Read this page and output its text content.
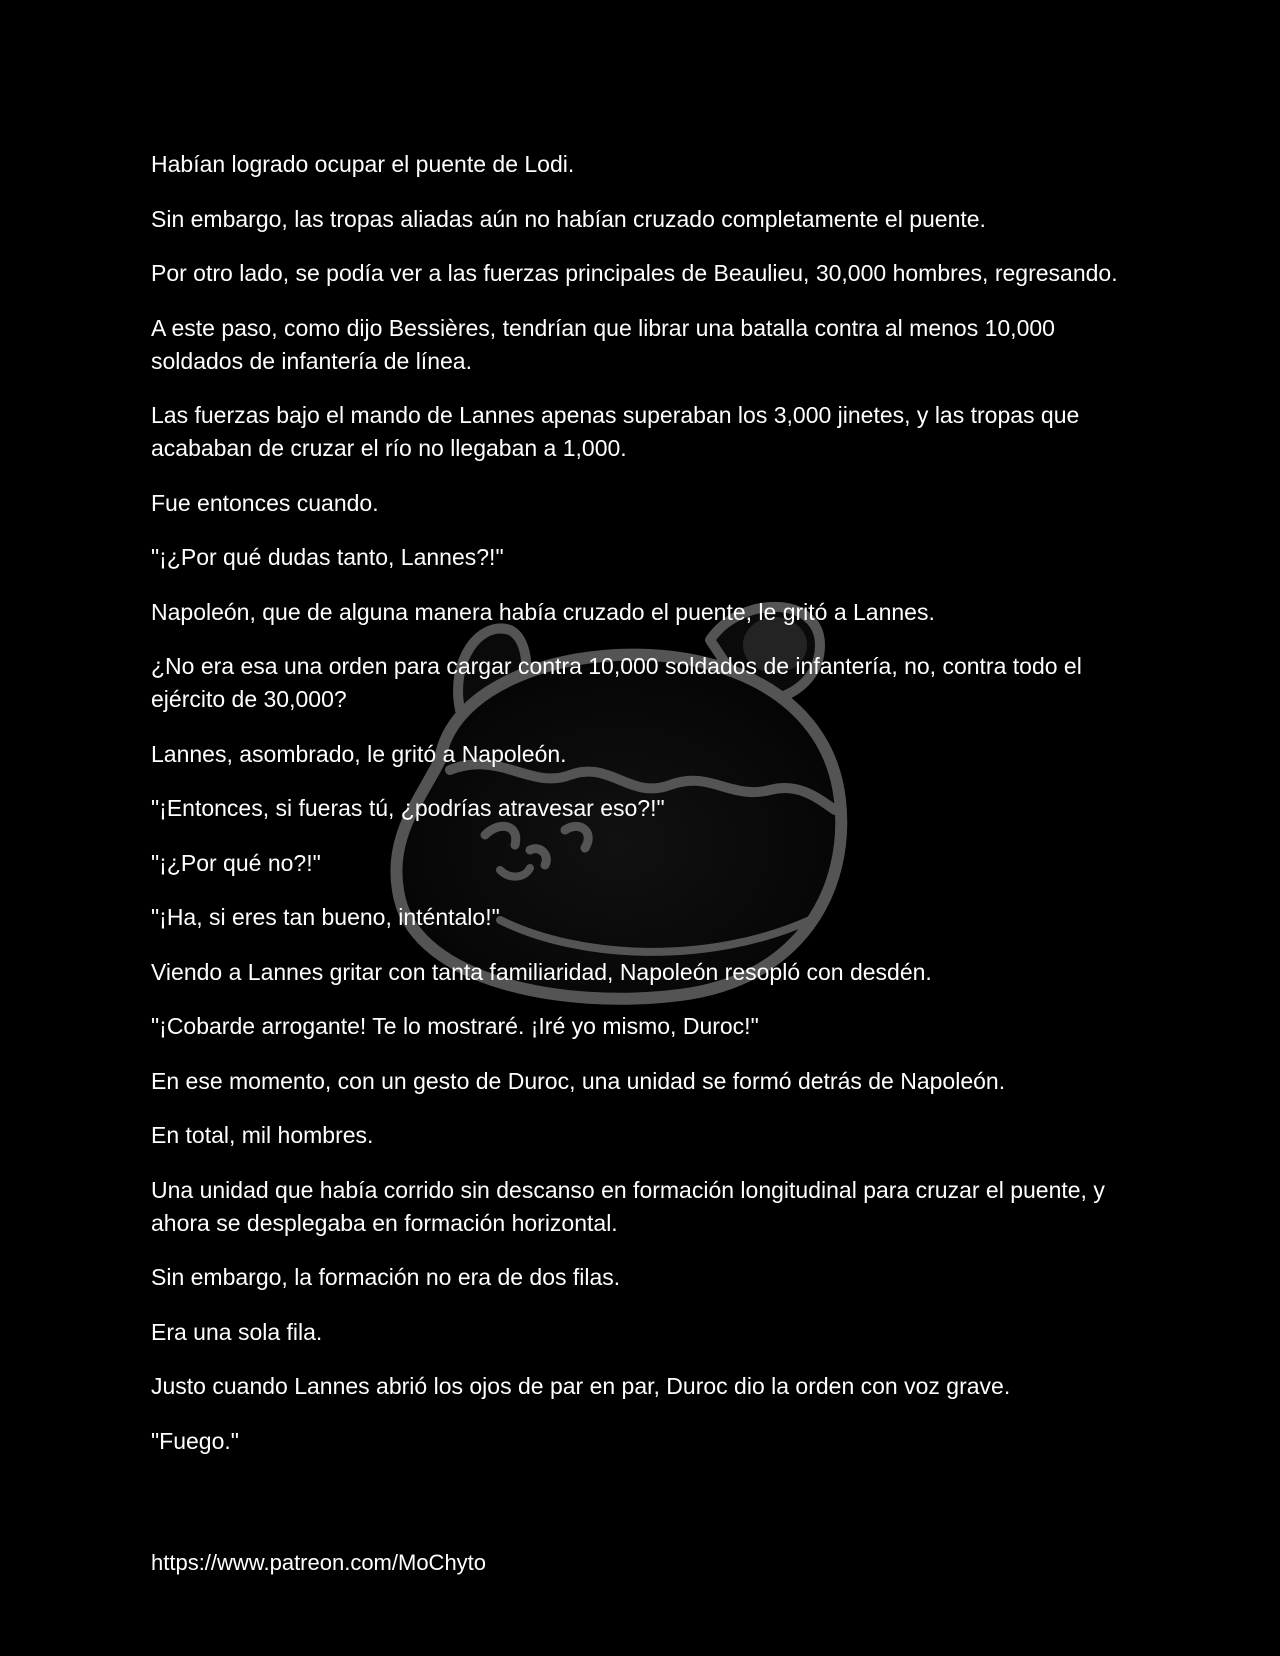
Habían logrado ocupar el puente de Lodi.

Sin embargo, las tropas aliadas aún no habían cruzado completamente el puente.

Por otro lado, se podía ver a las fuerzas principales de Beaulieu, 30,000 hombres, regresando.

A este paso, como dijo Bessières, tendrían que librar una batalla contra al menos 10,000 soldados de infantería de línea.

Las fuerzas bajo el mando de Lannes apenas superaban los 3,000 jinetes, y las tropas que acababan de cruzar el río no llegaban a 1,000.

Fue entonces cuando.

"¡¿Por qué dudas tanto, Lannes?!"

Napoleón, que de alguna manera había cruzado el puente, le gritó a Lannes.

¿No era esa una orden para cargar contra 10,000 soldados de infantería, no, contra todo el ejército de 30,000?

Lannes, asombrado, le gritó a Napoleón.

"¡Entonces, si fueras tú, ¿podrías atravesar eso?!"

"¡¿Por qué no?!"

"¡Ha, si eres tan bueno, inténtalo!"

Viendo a Lannes gritar con tanta familiaridad, Napoleón resopló con desdén.

"¡Cobarde arrogante! Te lo mostraré. ¡Iré yo mismo, Duroc!"

En ese momento, con un gesto de Duroc, una unidad se formó detrás de Napoleón.

En total, mil hombres.

Una unidad que había corrido sin descanso en formación longitudinal para cruzar el puente, y ahora se desplegaba en formación horizontal.

Sin embargo, la formación no era de dos filas.

Era una sola fila.

Justo cuando Lannes abrió los ojos de par en par, Duroc dio la orden con voz grave.

"Fuego."

https://www.patreon.com/MoChyto
